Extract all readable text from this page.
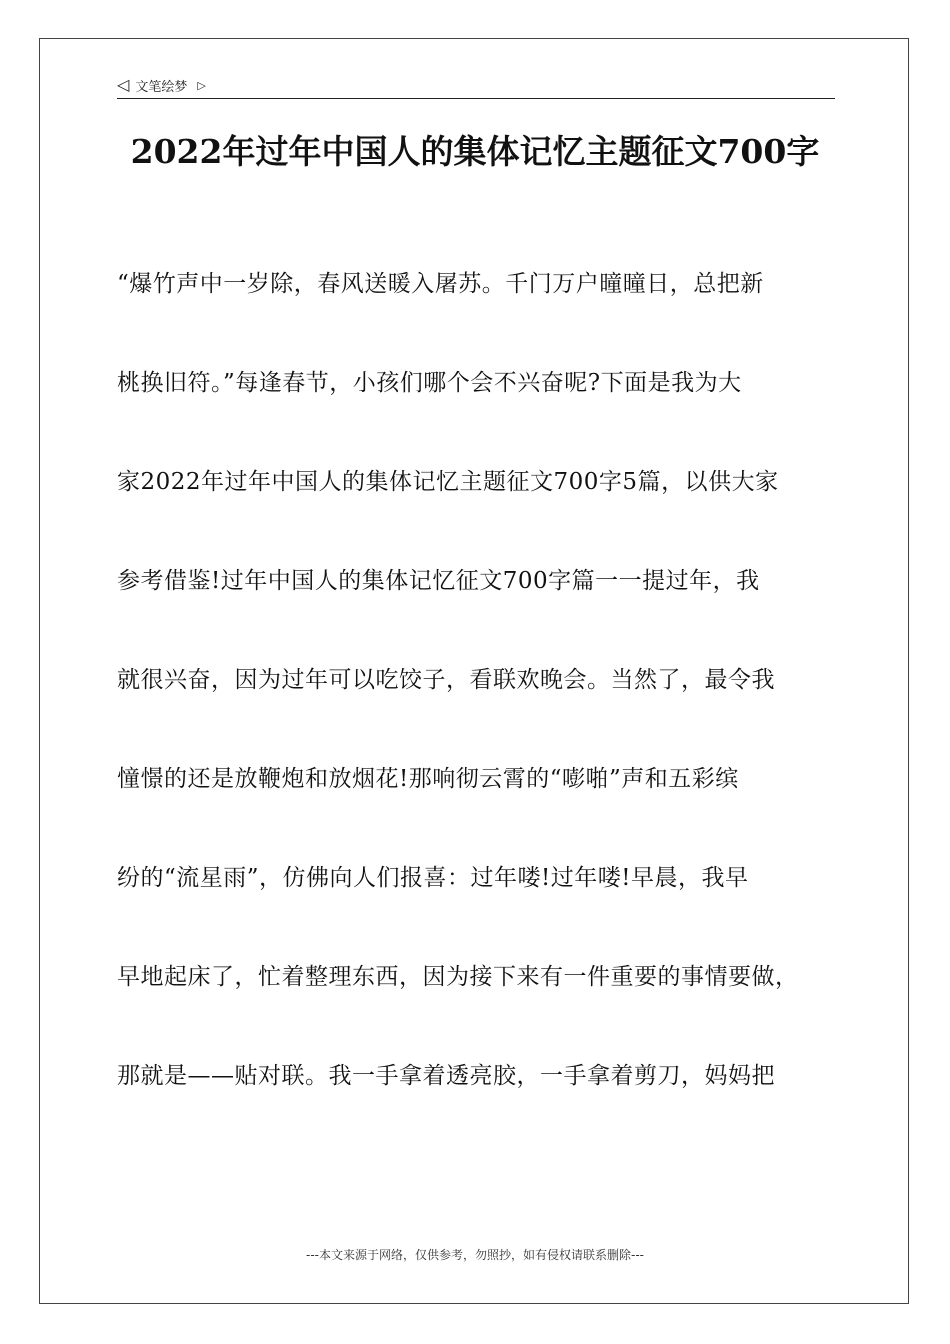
◁ 文笔绘梦 ▷
2022年过年中国人的集体记忆主题征文700字
“爆竹声中一岁除，春风送暖入屠苏。千门万户曈曈日，总把新
桃换旧符。”每逢春节，小孩们哪个会不兴奋呢?下面是我为大
家2022年过年中国人的集体记忆主题征文700字5篇，以供大家
参考借鉴!过年中国人的集体记忆征文700字篇一一提过年，我
就很兴奋，因为过年可以吃饺子，看联欢晚会。当然了，最令我
憧憬的还是放鞭炮和放烟花!那响彻云霄的“嘭啪”声和五彩缤
纷的“流星雨”，仿佛向人们报喜：过年喽!过年喽!早晨，我早
早地起床了，忙着整理东西，因为接下来有一件重要的事情要做，
那就是——贴对联。我一手拿着透亮胶，一手拿着剪刀，妈妈把
---本文来源于网络，仅供参考，勿照抄，如有侵权请联系删除---
